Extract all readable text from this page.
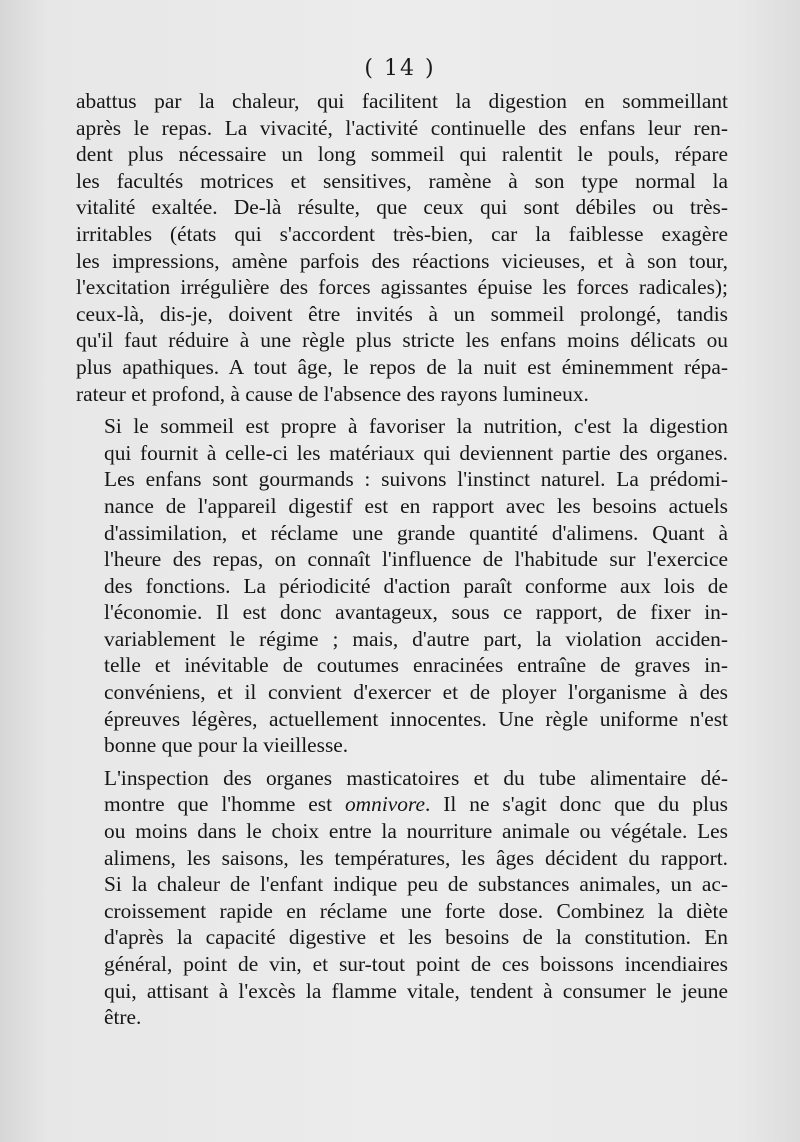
( 14 )
abattus par la chaleur, qui facilitent la digestion en sommeillant
après le repas. La vivacité, l'activité continuelle des enfans leur ren-
dent plus nécessaire un long sommeil qui ralentit le pouls, répare
les facultés motrices et sensitives, ramène à son type normal la
vitalité exaltée. De-là résulte, que ceux qui sont débiles ou très-
irritables (états qui s'accordent très-bien, car la faiblesse exagère
les impressions, amène parfois des réactions vicieuses, et à son tour,
l'excitation irrégulière des forces agissantes épuise les forces radicales);
ceux-là, dis-je, doivent être invités à un sommeil prolongé, tandis
qu'il faut réduire à une règle plus stricte les enfans moins délicats ou
plus apathiques. A tout âge, le repos de la nuit est éminemment répa-
rateur et profond, à cause de l'absence des rayons lumineux.
Si le sommeil est propre à favoriser la nutrition, c'est la digestion
qui fournit à celle-ci les matériaux qui deviennent partie des organes.
Les enfans sont gourmands : suivons l'instinct naturel. La prédomi-
nance de l'appareil digestif est en rapport avec les besoins actuels
d'assimilation, et réclame une grande quantité d'alimens. Quant à
l'heure des repas, on connaît l'influence de l'habitude sur l'exercice
des fonctions. La périodicité d'action paraît conforme aux lois de
l'économie. Il est donc avantageux, sous ce rapport, de fixer in-
variablement le régime ; mais, d'autre part, la violation acciden-
telle et inévitable de coutumes enracinées entraîne de graves in-
convéniens, et il convient d'exercer et de ployer l'organisme à des
épreuves légères, actuellement innocentes. Une règle uniforme n'est
bonne que pour la vieillesse.
L'inspection des organes masticatoires et du tube alimentaire dé-
montre que l'homme est omnivore. Il ne s'agit donc que du plus
ou moins dans le choix entre la nourriture animale ou végétale. Les
alimens, les saisons, les températures, les âges décident du rapport.
Si la chaleur de l'enfant indique peu de substances animales, un ac-
croissement rapide en réclame une forte dose. Combinez la diète
d'après la capacité digestive et les besoins de la constitution. En
général, point de vin, et sur-tout point de ces boissons incendiaires
qui, attisant à l'excès la flamme vitale, tendent à consumer le jeune
être.
